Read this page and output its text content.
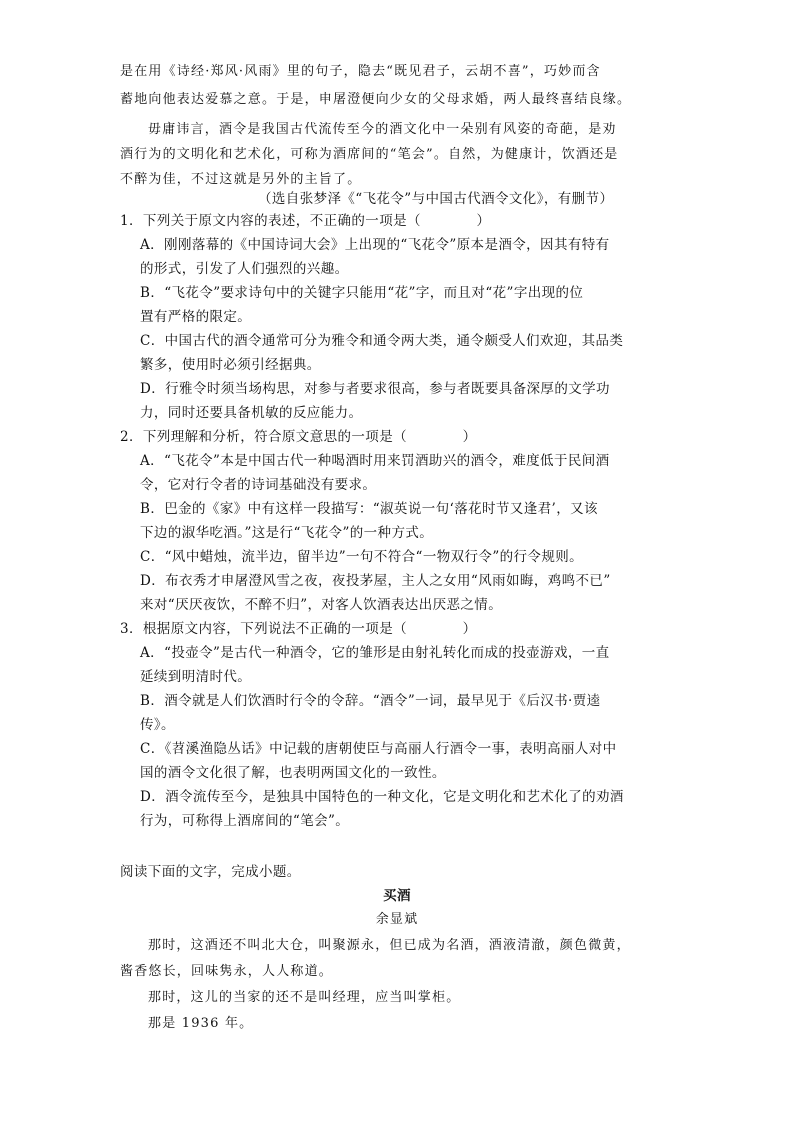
是在用《诗经·郑风·风雨》里的句子，隐去“既见君子，云胡不喜”，巧妙而含
蓄地向他表达爱慕之意。于是，申屠澄便向少女的父母求婚，两人最终喜结良缘。
毋庸讳言，酒令是我国古代流传至今的酒文化中一朵别有风姿的奇葩，是劝
酒行为的文明化和艺术化，可称为酒席间的“笔会”。自然，为健康计，饮酒还是
不醉为佳，不过这就是另外的主旨了。
（选自张梦泽《“飞花令”与中国古代酒令文化》，有删节）
1．下列关于原文内容的表述，不正确的一项是（　　　　）
A．刚刚落幕的《中国诗词大会》上出现的“飞花令”原本是酒令，因其有特有
的形式，引发了人们强烈的兴趣。
B．“飞花令”要求诗句中的关键字只能用“花”字，而且对“花”字出现的位
置有严格的限定。
C．中国古代的酒令通常可分为雅令和通令两大类，通令颇受人们欢迎，其品类
繁多，使用时必须引经据典。
D．行雅令时须当场构思，对参与者要求很高，参与者既要具备深厚的文学功
力，同时还要具备机敏的反应能力。
2．下列理解和分析，符合原文意思的一项是（　　　　）
A．“飞花令”本是中国古代一种喝酒时用来罚酒助兴的酒令，难度低于民间酒
令，它对行令者的诗词基础没有要求。
B．巴金的《家》中有这样一段描写：“淑英说一句‘落花时节又逢君’，又该
下边的淑华吃酒。”这是行“飞花令”的一种方式。
C．“风中蜡烛，流半边，留半边”一句不符合“一物双行令”的行令规则。
D．布衣秀才申屠澄风雪之夜，夜投茅屋，主人之女用“风雨如晦，鸡鸣不已”
来对“厌厌夜饮，不醉不归”，对客人饮酒表达出厌恶之情。
3．根据原文内容，下列说法不正确的一项是（　　　　）
A．“投壶令”是古代一种酒令，它的雏形是由射礼转化而成的投壶游戏，一直
延续到明清时代。
B．酒令就是人们饮酒时行令的令辞。“酒令”一词，最早见于《后汉书·贾逵
传》。
C．《苕溪渔隐丛话》中记载的唐朝使臣与高丽人行酒令一事，表明高丽人对中
国的酒令文化很了解，也表明两国文化的一致性。
D．酒令流传至今，是独具中国特色的一种文化，它是文明化和艺术化了的劝酒
行为，可称得上酒席间的“笔会”。
阅读下面的文字，完成小题。
买酒
余显斌
那时，这酒还不叫北大仓，叫聚源永，但已成为名酒，酒液清澈，颜色微黄，
酱香悠长，回味隽永，人人称道。
那时，这儿的当家的还不是叫经理，应当叫掌柜。
那是 1936 年。
